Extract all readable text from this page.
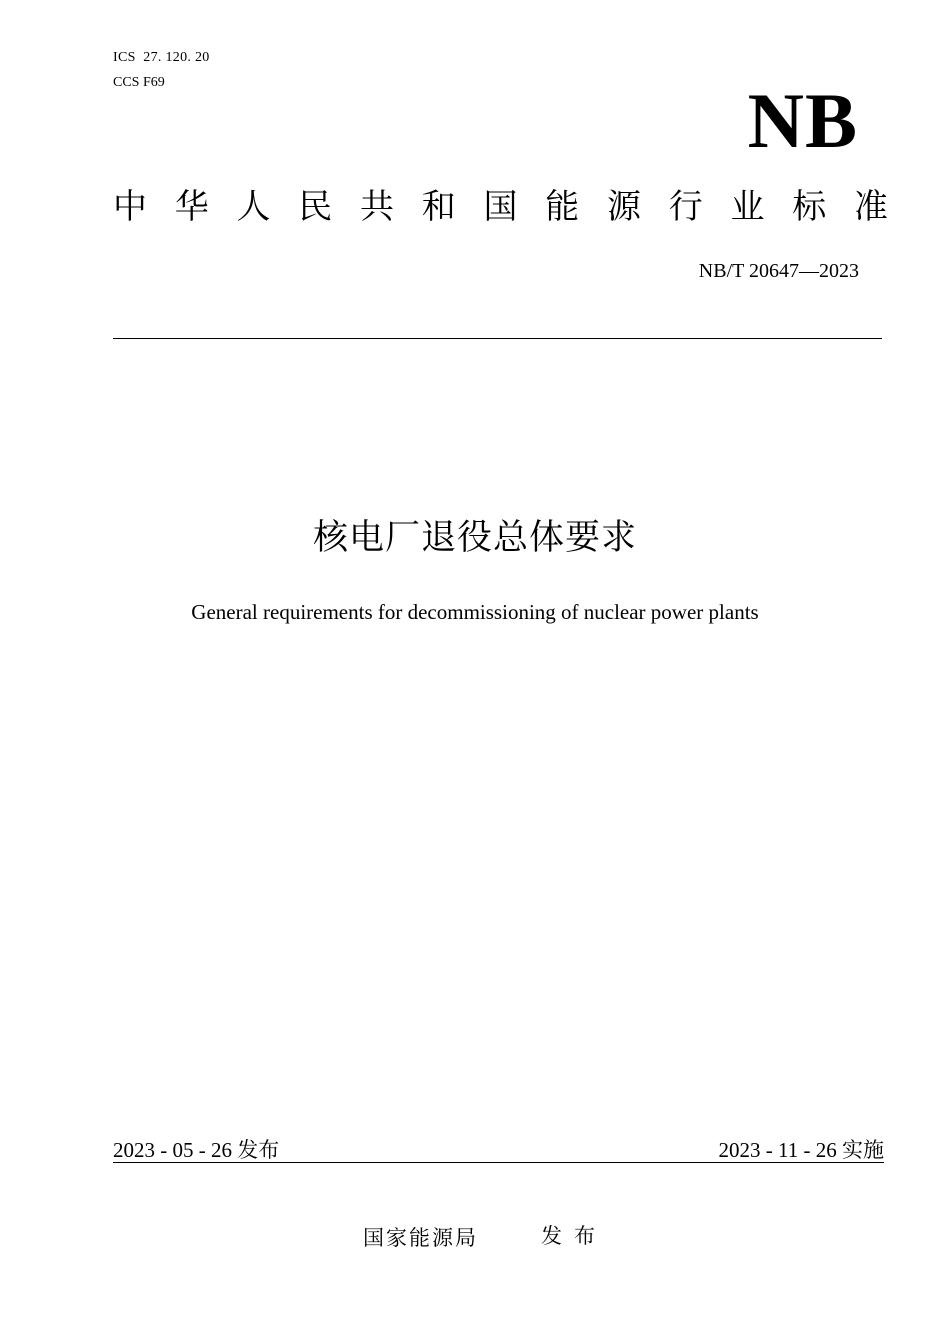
ICS  27. 120. 20
CCS F69	NB
中 华 人 民 共 和 国 能 源 行 业 标 准
NB/T 20647—2023
核电厂退役总体要求
General requirements for decommissioning of nuclear power plants
2023 - 05 - 26 发布	2023 - 11 - 26 实施
国家能源局	发 布
